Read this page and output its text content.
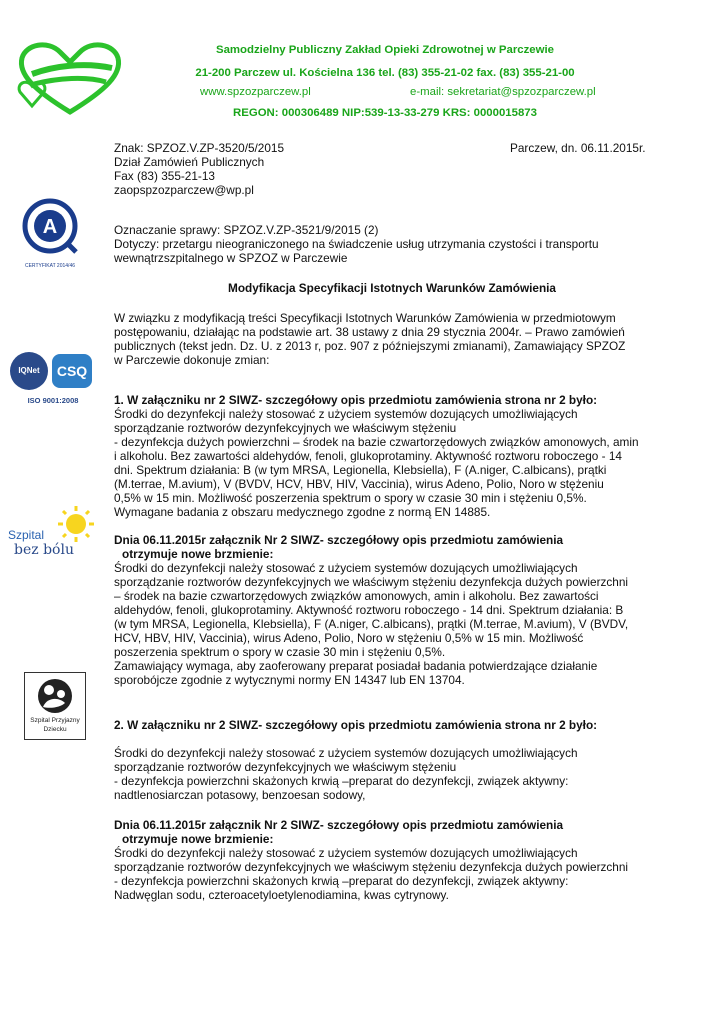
Samodzielny Publiczny Zakład Opieki Zdrowotnej w Parczewie
21-200 Parczew ul. Kościelna 136 tel. (83) 355-21-02 fax. (83) 355-21-00
www.spzozparczew.pl	e-mail: sekretariat@spzozparczew.pl
REGON: 000306489 NIP:539-13-33-279 KRS: 0000015873
A
CERTYFIKAT 2014/46
IQNet	CSQ
ISO 9001:2008
Szpital
bez bólu
Szpital Przyjazny
Dziecku
Znak: SPZOZ.V.ZP-3520/5/2015	Parczew, dn. 06.11.2015r.
Dział Zamówień Publicznych
Fax (83) 355-21-13
zaopspzozparczew@wp.pl
Oznaczanie sprawy: SPZOZ.V.ZP-3521/9/2015 (2)
Dotyczy: przetargu nieograniczonego na świadczenie usług utrzymania czystości i transportu
wewnątrzszpitalnego w SPZOZ w Parczewie
Modyfikacja Specyfikacji Istotnych Warunków Zamówienia
W związku z modyfikacją treści Specyfikacji Istotnych Warunków Zamówienia w przedmiotowym
postępowaniu, działając na podstawie art. 38 ustawy z dnia 29 stycznia 2004r. – Prawo zamówień
publicznych (tekst jedn. Dz. U. z 2013 r, poz. 907 z późniejszymi zmianami), Zamawiający SPZOZ
w Parczewie dokonuje zmian:
1. W załączniku nr 2 SIWZ- szczegółowy opis przedmiotu zamówienia strona nr 2 było:
Środki do dezynfekcji należy stosować z użyciem systemów dozujących umożliwiających
sporządzanie roztworów dezynfekcyjnych we właściwym stężeniu
- dezynfekcja dużych powierzchni – środek na bazie czwartorzędowych związków amonowych, amin
i alkoholu. Bez zawartości aldehydów, fenoli, glukoprotaminy. Aktywność roztworu roboczego - 14
dni. Spektrum działania: B (w tym MRSA, Legionella, Klebsiella), F (A.niger, C.albicans), prątki
(M.terrae, M.avium), V (BVDV, HCV, HBV, HIV, Vaccinia), wirus Adeno, Polio, Noro w stężeniu
0,5% w 15 min. Możliwość poszerzenia spektrum o spory w czasie 30 min i stężeniu 0,5%.
Wymagane badania z obszaru medycznego zgodne z normą EN 14885.
Dnia 06.11.2015r załącznik Nr 2 SIWZ- szczegółowy opis przedmiotu zamówienia
otrzymuje nowe brzmienie:
Środki do dezynfekcji należy stosować z użyciem systemów dozujących umożliwiających
sporządzanie roztworów dezynfekcyjnych we właściwym stężeniu dezynfekcja dużych powierzchni
– środek na bazie czwartorzędowych związków amonowych, amin i alkoholu. Bez zawartości
aldehydów, fenoli, glukoprotaminy. Aktywność roztworu roboczego - 14 dni. Spektrum działania: B
(w tym MRSA, Legionella, Klebsiella), F (A.niger, C.albicans), prątki (M.terrae, M.avium), V (BVDV,
HCV, HBV, HIV, Vaccinia), wirus Adeno, Polio, Noro w stężeniu 0,5% w 15 min. Możliwość
poszerzenia spektrum o spory w czasie 30 min i stężeniu 0,5%.
Zamawiający wymaga, aby zaoferowany preparat posiadał badania potwierdzające działanie
sporobójcze zgodnie z wytycznymi normy EN 14347 lub EN 13704.
2. W załączniku nr 2 SIWZ- szczegółowy opis przedmiotu zamówienia strona nr 2 było:
Środki do dezynfekcji należy stosować z użyciem systemów dozujących umożliwiających
sporządzanie roztworów dezynfekcyjnych we właściwym stężeniu
- dezynfekcja powierzchni skażonych krwią –preparat do dezynfekcji, związek aktywny:
nadtlenosiarczan potasowy, benzoesan sodowy,
Dnia 06.11.2015r załącznik Nr 2 SIWZ- szczegółowy opis przedmiotu zamówienia
otrzymuje nowe brzmienie:
Środki do dezynfekcji należy stosować z użyciem systemów dozujących umożliwiających
sporządzanie roztworów dezynfekcyjnych we właściwym stężeniu dezynfekcja dużych powierzchni
- dezynfekcja powierzchni skażonych krwią –preparat do dezynfekcji, związek aktywny:
Nadwęglan sodu, czteroacetyloetylenodiamina, kwas cytrynowy.
